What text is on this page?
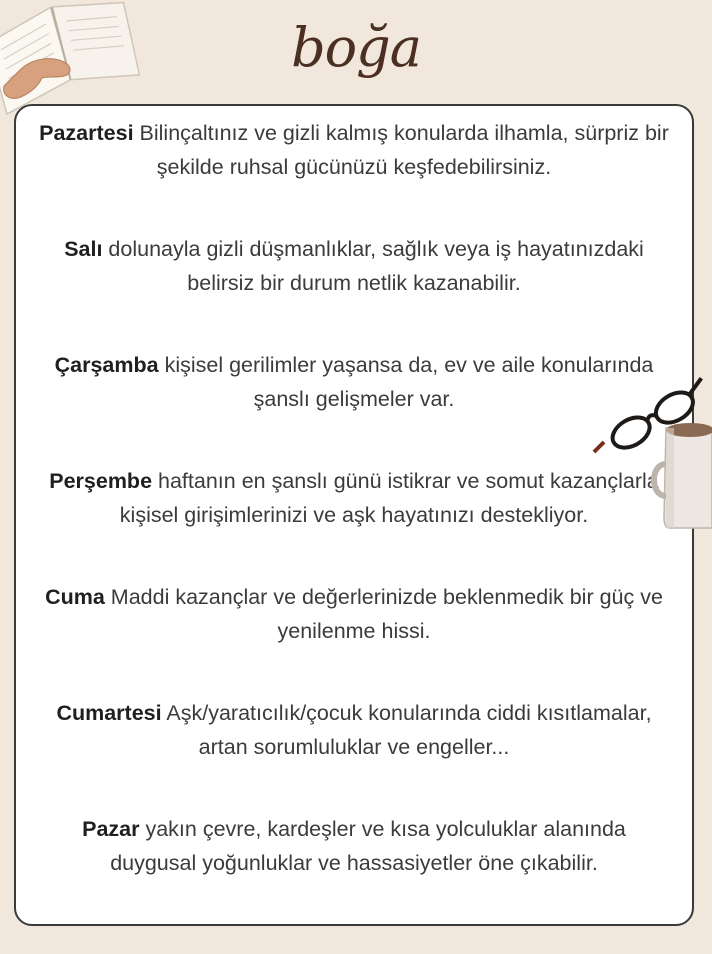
boğa

Pazartesi Bilinçaltınız ve gizli kalmış konularda ilhamla, sürpriz bir şekilde ruhsal gücünüzü keşfedebilirsiniz.

Salı dolunayla gizli düşmanlıklar, sağlık veya iş hayatınızdaki belirsiz bir durum netlik kazanabilir.

Çarşamba kişisel gerilimler yaşansa da, ev ve aile konularında şanslı gelişmeler var.

Perşembe haftanın en şanslı günü istikrar ve somut kazançlarla kişisel girişimlerinizi ve aşk hayatınızı destekliyor.

Cuma Maddi kazançlar ve değerlerinizde beklenmedik bir güç ve yenilenme hissi.

Cumartesi Aşk/yaratıcılık/çocuk konularında ciddi kısıtlamalar, artan sorumluluklar ve engeller...

Pazar yakın çevre, kardeşler ve kısa yolculuklar alanında duygusal yoğunluklar ve hassasiyetler öne çıkabilir.
